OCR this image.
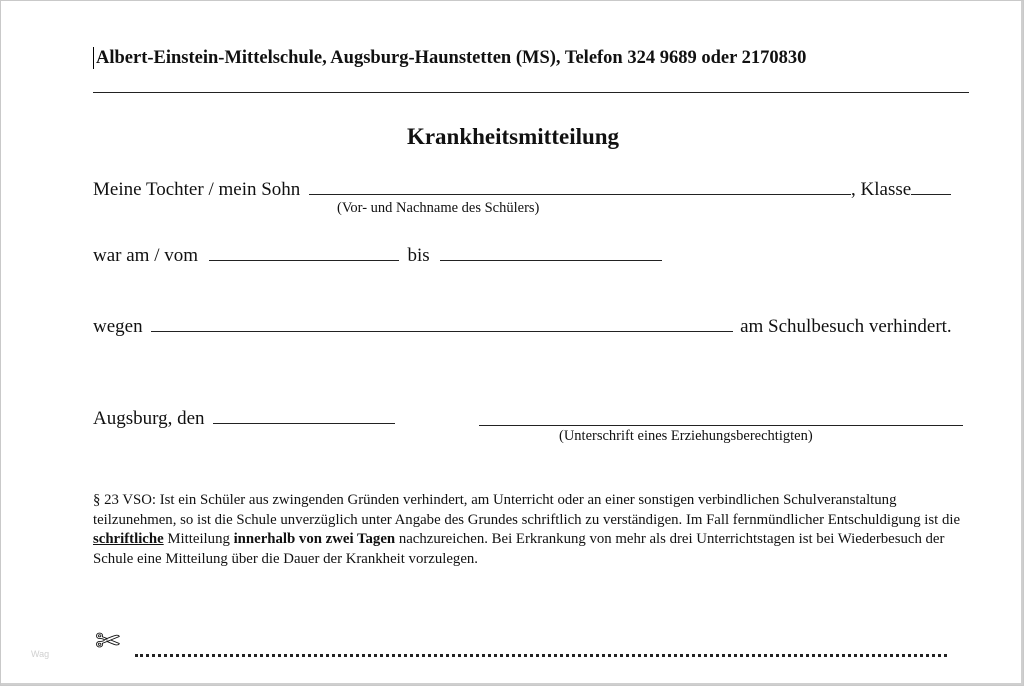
Albert-Einstein-Mittelschule, Augsburg-Haunstetten (MS), Telefon 324 9689 oder 2170830
Krankheitsmitteilung
Meine Tochter / mein Sohn	, Klasse
(Vor- und Nachname des Schülers)
war am / vom	bis
wegen	am Schulbesuch verhindert.
Augsburg, den
(Unterschrift eines Erziehungsberechtigten)
§ 23 VSO: Ist ein Schüler aus zwingenden Gründen verhindert, am Unterricht oder an einer sonstigen verbindlichen Schulveranstaltung teilzunehmen, so ist die Schule unverzüglich unter Angabe des Grundes schriftlich zu verständigen. Im Fall fernmündlicher Entschuldigung ist die schriftliche Mitteilung innerhalb von zwei Tagen nachzureichen. Bei Erkrankung von mehr als drei Unterrichtstagen ist bei Wiederbesuch der Schule eine Mitteilung über die Dauer der Krankheit vorzulegen.
✄
Wag
